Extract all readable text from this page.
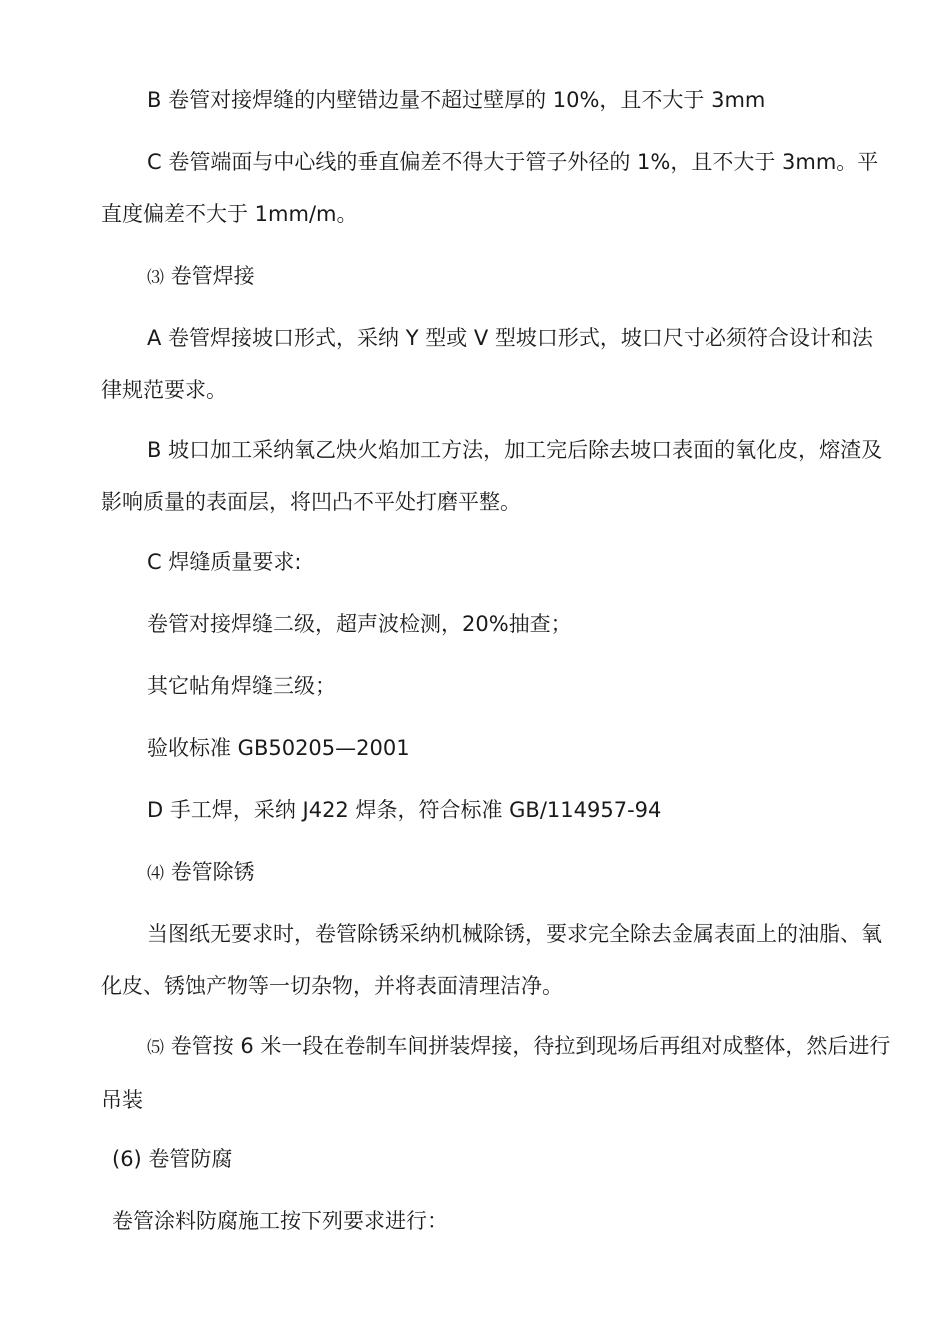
B 卷管对接焊缝的内壁错边量不超过壁厚的 10%，且不大于 3mm

C 卷管端面与中心线的垂直偏差不得大于管子外径的 1%，且不大于 3mm。平直度偏差不大于 1mm/m。

⑶ 卷管焊接

A 卷管焊接坡口形式，采纳 Y 型或 V 型坡口形式，坡口尺寸必须符合设计和法律规范要求。

B 坡口加工采纳氧乙炔火焰加工方法，加工完后除去坡口表面的氧化皮，熔渣及影响质量的表面层，将凹凸不平处打磨平整。

C 焊缝质量要求:

卷管对接焊缝二级，超声波检测，20%抽查；

其它帖角焊缝三级；

验收标准 GB50205—2001

D 手工焊，采纳 J422 焊条，符合标准 GB/114957-94

⑷ 卷管除锈

当图纸无要求时，卷管除锈采纳机械除锈，要求完全除去金属表面上的油脂、氧化皮、锈蚀产物等一切杂物，并将表面清理洁净。

⑸ 卷管按 6 米一段在卷制车间拼装焊接，待拉到现场后再组对成整体，然后进行吊装

(6) 卷管防腐

卷管涂料防腐施工按下列要求进行：
